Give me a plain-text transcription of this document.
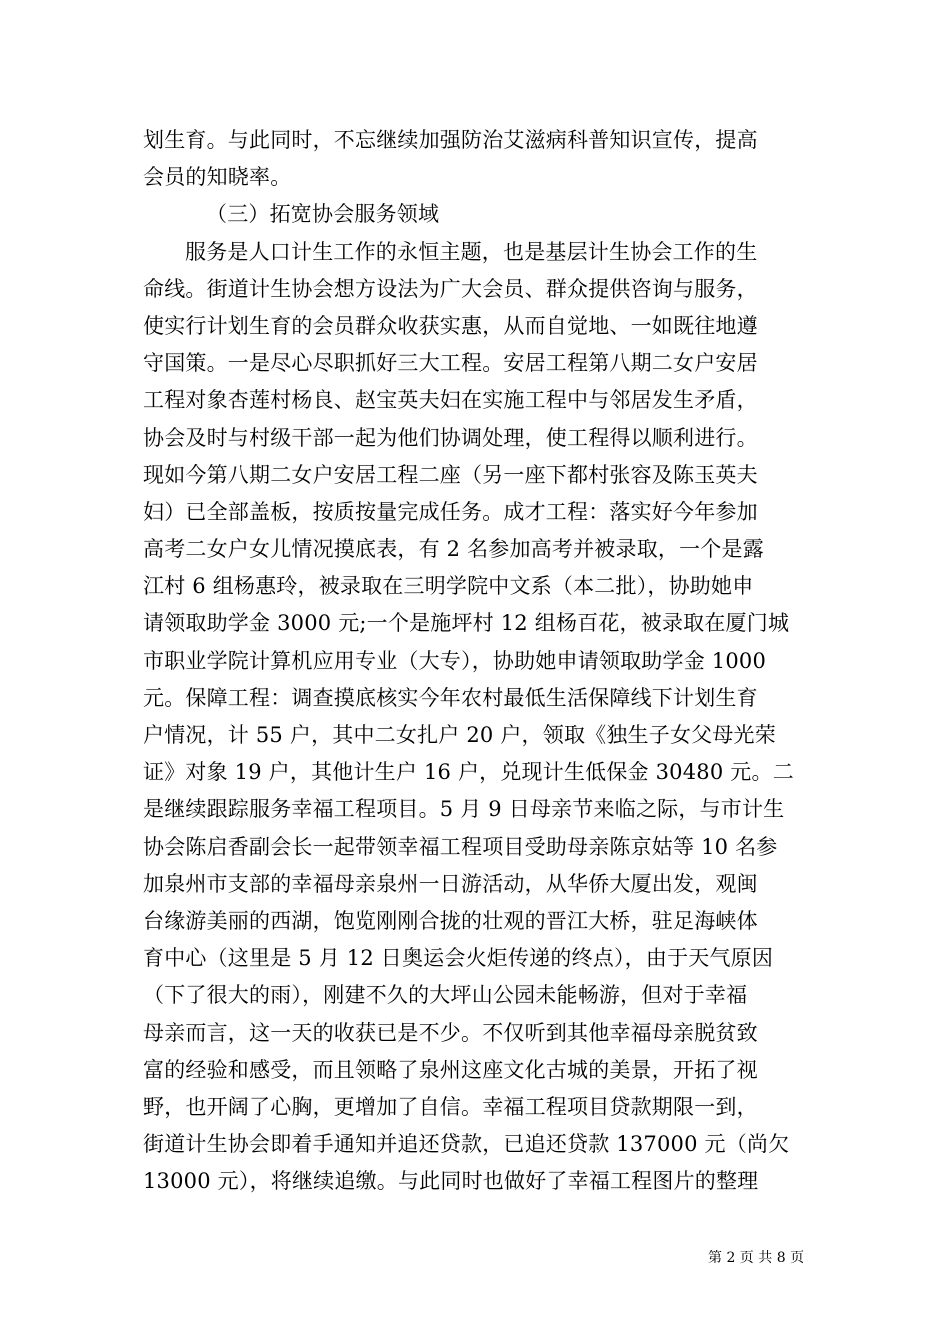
划生育。与此同时，不忘继续加强防治艾滋病科普知识宣传，提高
会员的知晓率。
（三）拓宽协会服务领域
服务是人口计生工作的永恒主题，也是基层计生协会工作的生
命线。街道计生协会想方设法为广大会员、群众提供咨询与服务，
使实行计划生育的会员群众收获实惠，从而自觉地、一如既往地遵
守国策。一是尽心尽职抓好三大工程。安居工程第八期二女户安居
工程对象杏莲村杨良、赵宝英夫妇在实施工程中与邻居发生矛盾，
协会及时与村级干部一起为他们协调处理，使工程得以顺利进行。
现如今第八期二女户安居工程二座（另一座下都村张容及陈玉英夫
妇）已全部盖板，按质按量完成任务。成才工程：落实好今年参加
高考二女户女儿情况摸底表，有 2 名参加高考并被录取，一个是露
江村 6 组杨惠玲，被录取在三明学院中文系（本二批），协助她申
请领取助学金 3000 元;一个是施坪村 12 组杨百花，被录取在厦门城
市职业学院计算机应用专业（大专），协助她申请领取助学金 1000
元。保障工程：调查摸底核实今年农村最低生活保障线下计划生育
户情况，计 55 户，其中二女扎户 20 户，领取《独生子女父母光荣
证》对象 19 户，其他计生户 16 户，兑现计生低保金 30480 元。二
是继续跟踪服务幸福工程项目。5 月 9 日母亲节来临之际，与市计生
协会陈启香副会长一起带领幸福工程项目受助母亲陈京姑等 10 名参
加泉州市支部的幸福母亲泉州一日游活动，从华侨大厦出发，观闽
台缘游美丽的西湖，饱览刚刚合拢的壮观的晋江大桥，驻足海峡体
育中心（这里是 5 月 12 日奥运会火炬传递的终点），由于天气原因
（下了很大的雨），刚建不久的大坪山公园未能畅游，但对于幸福
母亲而言，这一天的收获已是不少。不仅听到其他幸福母亲脱贫致
富的经验和感受，而且领略了泉州这座文化古城的美景，开拓了视
野，也开阔了心胸，更增加了自信。幸福工程项目贷款期限一到，
街道计生协会即着手通知并追还贷款，已追还贷款 137000 元（尚欠
13000 元），将继续追缴。与此同时也做好了幸福工程图片的整理
第 2 页 共 8 页
